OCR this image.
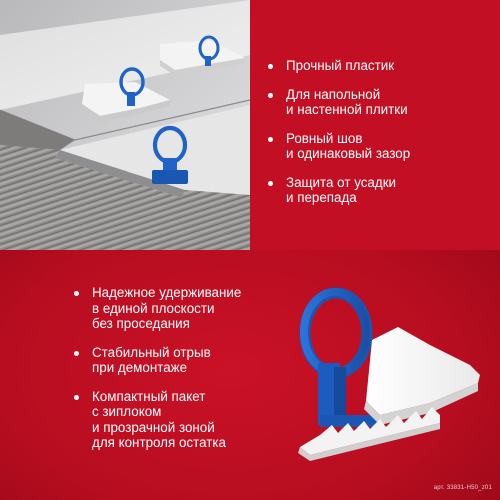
Прочный пластик
Для напольной
и настенной плитки
Ровный шов
и одинаковый зазор
Защита от усадки
и перепада
Надежное удерживание
в единой плоскости
без проседания
Стабильный отрыв
при демонтаже
Компактный пакет
с зиплоком
и прозрачной зоной
для контроля остатка
арт. 33831-H50_z01
